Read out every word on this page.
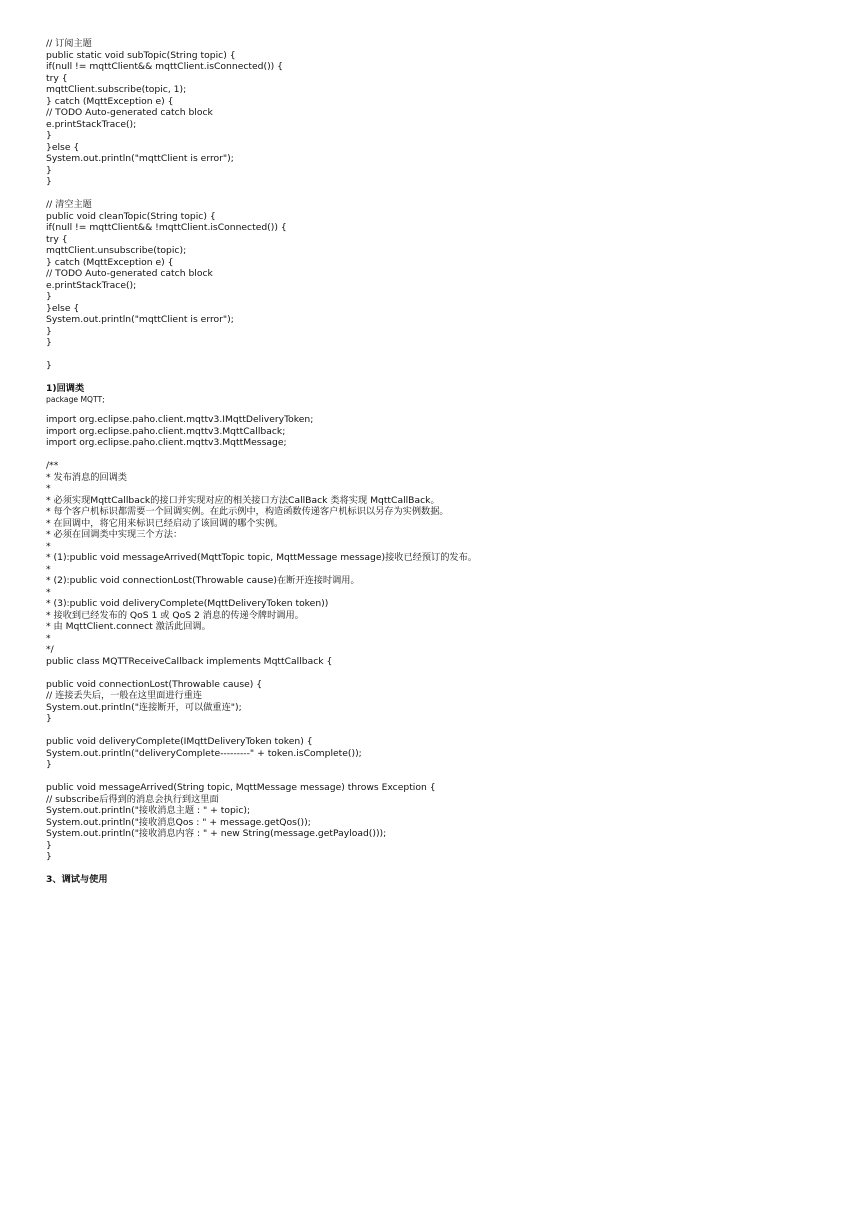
// 订阅主题
public static void subTopic(String topic) {
if(null != mqttClient&& mqttClient.isConnected()) {
try {
mqttClient.subscribe(topic, 1);
} catch (MqttException e) {
// TODO Auto-generated catch block
e.printStackTrace();
}
}else {
System.out.println("mqttClient is error");
}
}
// 清空主题
public void cleanTopic(String topic) {
if(null != mqttClient&& !mqttClient.isConnected()) {
try {
mqttClient.unsubscribe(topic);
} catch (MqttException e) {
// TODO Auto-generated catch block
e.printStackTrace();
}
}else {
System.out.println("mqttClient is error");
}
}
}
1)回调类
package MQTT;
import org.eclipse.paho.client.mqttv3.IMqttDeliveryToken;
import org.eclipse.paho.client.mqttv3.MqttCallback;
import org.eclipse.paho.client.mqttv3.MqttMessage;
/**
* 发布消息的回调类
*
* 必须实现MqttCallback的接口并实现对应的相关接口方法CallBack 类将实现 MqttCallBack。
* 每个客户机标识都需要一个回调实例。在此示例中，构造函数传递客户机标识以另存为实例数据。
* 在回调中，将它用来标识已经启动了该回调的哪个实例。
* 必须在回调类中实现三个方法：
*
* (1):public void messageArrived(MqttTopic topic, MqttMessage message)接收已经预订的发布。
*
* (2):public void connectionLost(Throwable cause)在断开连接时调用。
*
* (3):public void deliveryComplete(MqttDeliveryToken token))
* 接收到已经发布的 QoS 1 或 QoS 2 消息的传递令牌时调用。
* 由 MqttClient.connect 激活此回调。
*
*/
public class MQTTReceiveCallback implements MqttCallback {
public void connectionLost(Throwable cause) {
// 连接丢失后，一般在这里面进行重连
System.out.println("连接断开，可以做重连");
}
public void deliveryComplete(IMqttDeliveryToken token) {
System.out.println("deliveryComplete---------" + token.isComplete());
}
public void messageArrived(String topic, MqttMessage message) throws Exception {
// subscribe后得到的消息会执行到这里面
System.out.println("接收消息主题 : " + topic);
System.out.println("接收消息Qos : " + message.getQos());
System.out.println("接收消息内容 : " + new String(message.getPayload()));
}
}
3、调试与使用
